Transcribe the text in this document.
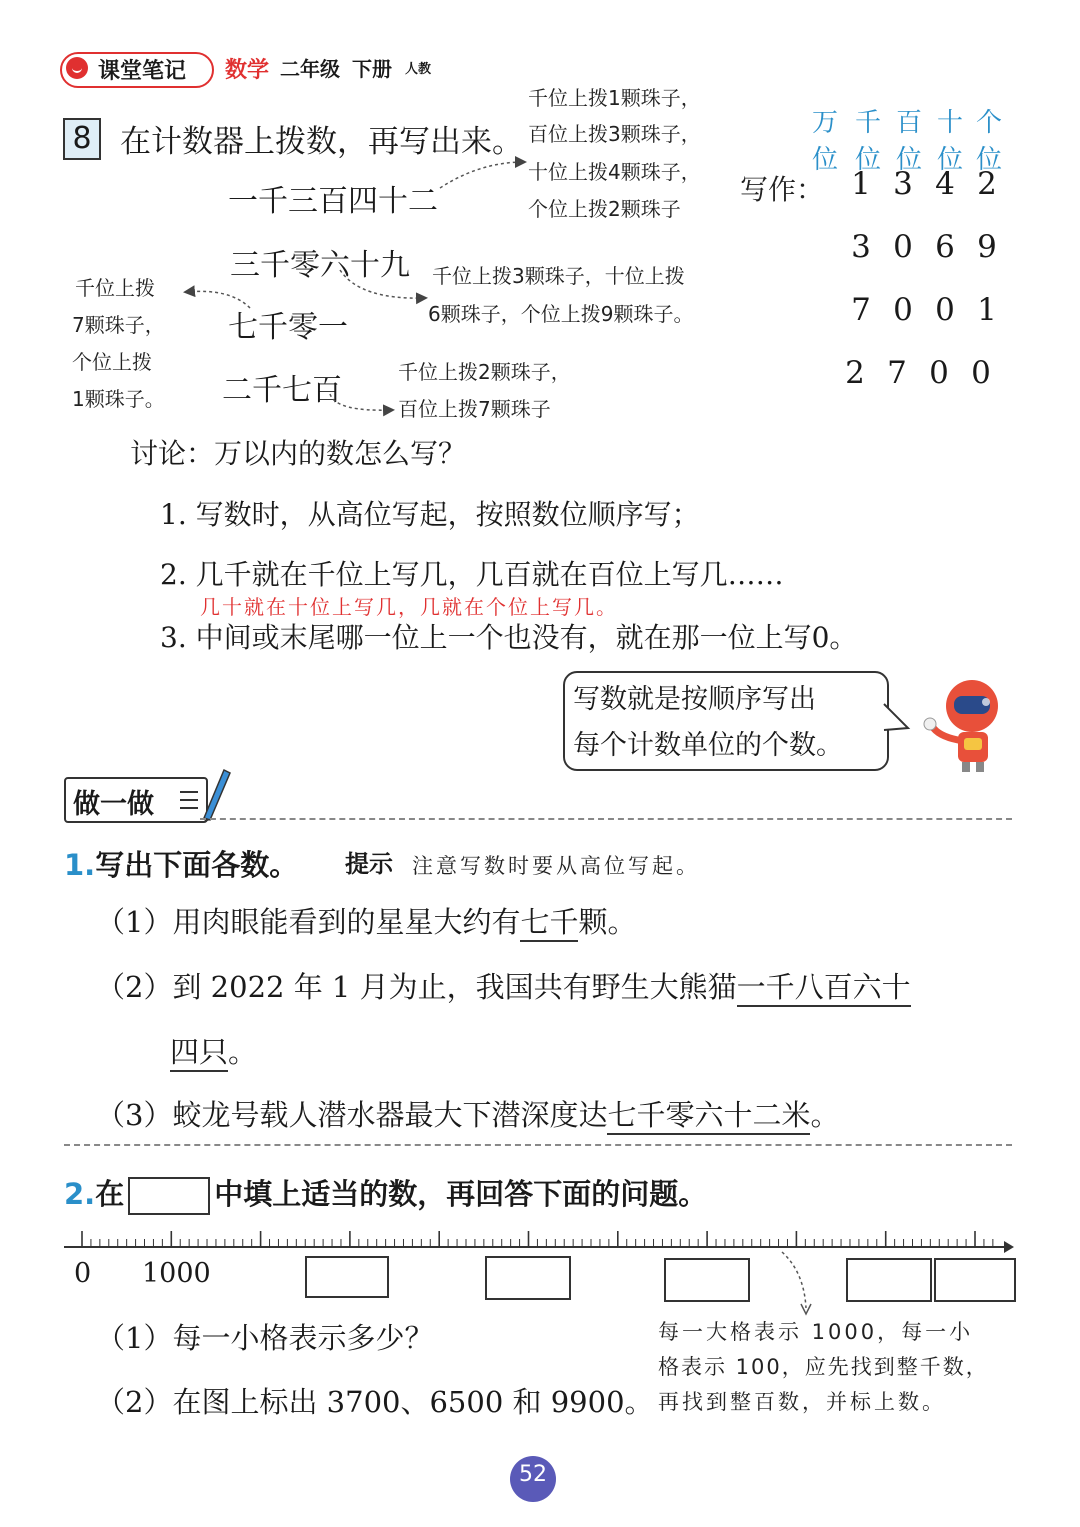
课堂笔记 数学 二年级 下册 人教
8 在计数器上拨数，再写出来。
一千三百四十二
三千零六十九
七千零一
二千七百
千位上拨1颗珠子，
百位上拨3颗珠子，
十位上拨4颗珠子，
个位上拨2颗珠子
千位上拨3颗珠子，十位上拨
6颗珠子，个位上拨9颗珠子。
千位上拨
7颗珠子，
个位上拨
1颗珠子。
千位上拨2颗珠子，
百位上拨7颗珠子
万
位
千
位
百
位
十
位
个
位
写作： 1 3 4 2
3 0 6 9
7 0 0 1
2 7 0 0
讨论：万以内的数怎么写？
1. 写数时，从高位写起，按照数位顺序写；
2. 几千就在千位上写几，几百就在百位上写几……
几十就在十位上写几，几就在个位上写几。
3. 中间或末尾哪一位上一个也没有，就在那一位上写0。
写数就是按顺序写出
每个计数单位的个数。
做一做
1.写出下面各数。 提示 注意写数时要从高位写起。
（1）用肉眼能看到的星星大约有七千颗。
（2）到 2022 年 1 月为止，我国共有野生大熊猫一千八百六十
四只。
（3）蛟龙号载人潜水器最大下潜深度达七千零六十二米。
2.在	中填上适当的数，再回答下面的问题。
0 1000
（1）每一小格表示多少？
（2）在图上标出 3700、6500 和 9900。
每一大格表示 1000，每一小
格表示 100，应先找到整千数，
再找到整百数，并标上数。
52
